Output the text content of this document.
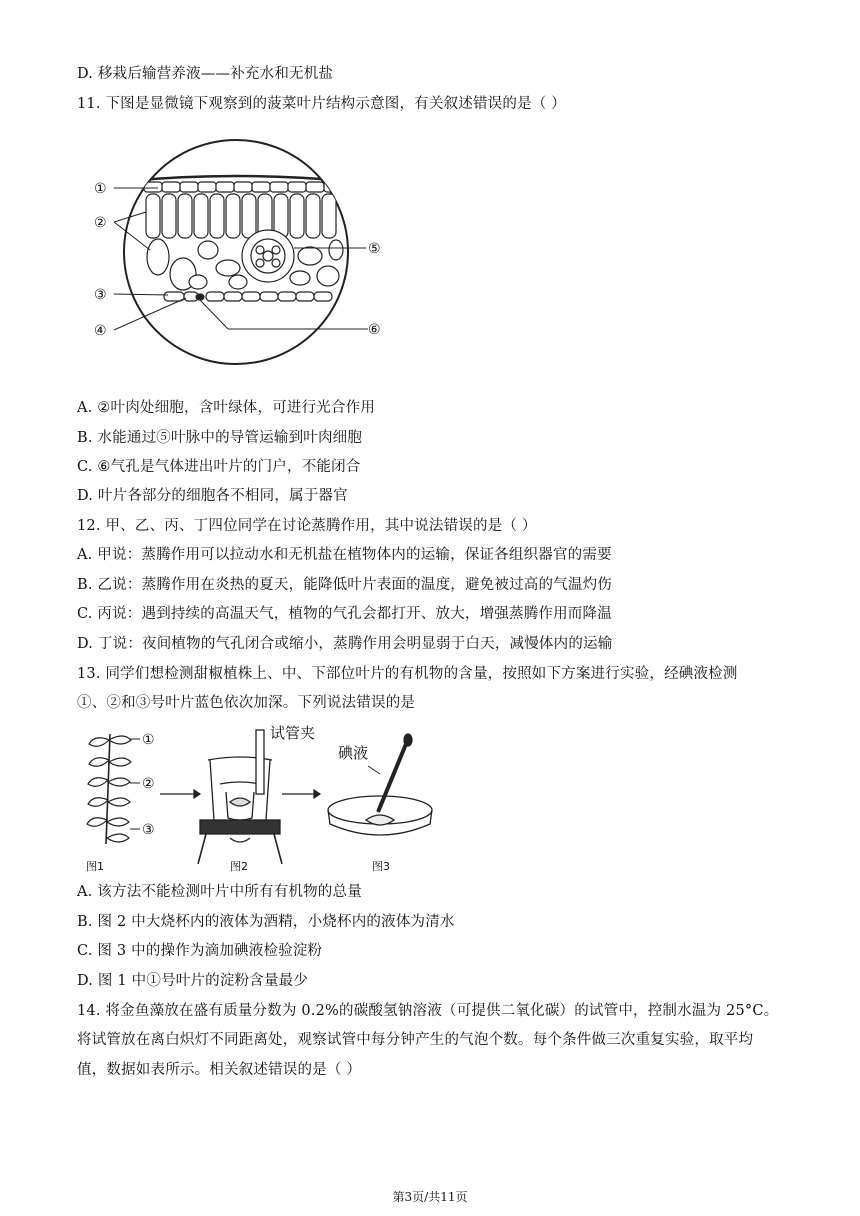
D. 移栽后输营养液——补充水和无机盐
11. 下图是显微镜下观察到的菠菜叶片结构示意图，有关叙述错误的是（ ）
①
②
③
④
⑤
⑥
A. ②叶肉处细胞，含叶绿体，可进行光合作用
B. 水能通过⑤叶脉中的导管运输到叶肉细胞
C. ⑥气孔是气体进出叶片的门户，不能闭合
D. 叶片各部分的细胞各不相同，属于器官
12. 甲、乙、丙、丁四位同学在讨论蒸腾作用，其中说法错误的是（ ）
A. 甲说：蒸腾作用可以拉动水和无机盐在植物体内的运输，保证各组织器官的需要
B. 乙说：蒸腾作用在炎热的夏天，能降低叶片表面的温度，避免被过高的气温灼伤
C. 丙说：遇到持续的高温天气，植物的气孔会都打开、放大，增强蒸腾作用而降温
D. 丁说：夜间植物的气孔闭合或缩小，蒸腾作用会明显弱于白天，减慢体内的运输
13. 同学们想检测甜椒植株上、中、下部位叶片的有机物的含量，按照如下方案进行实验，经碘液检测
①、②和③号叶片蓝色依次加深。下列说法错误的是
①
②
③
试管夹
碘液
图1	图2	图3
A. 该方法不能检测叶片中所有有机物的总量
B. 图 2 中大烧杯内的液体为酒精，小烧杯内的液体为清水
C. 图 3 中的操作为滴加碘液检验淀粉
D. 图 1 中①号叶片的淀粉含量最少
14. 将金鱼藻放在盛有质量分数为 0.2%的碳酸氢钠溶液（可提供二氧化碳）的试管中，控制水温为 25°C。
将试管放在离白炽灯不同距离处，观察试管中每分钟产生的气泡个数。每个条件做三次重复实验，取平均
值，数据如表所示。相关叙述错误的是（ ）
第3页/共11页
